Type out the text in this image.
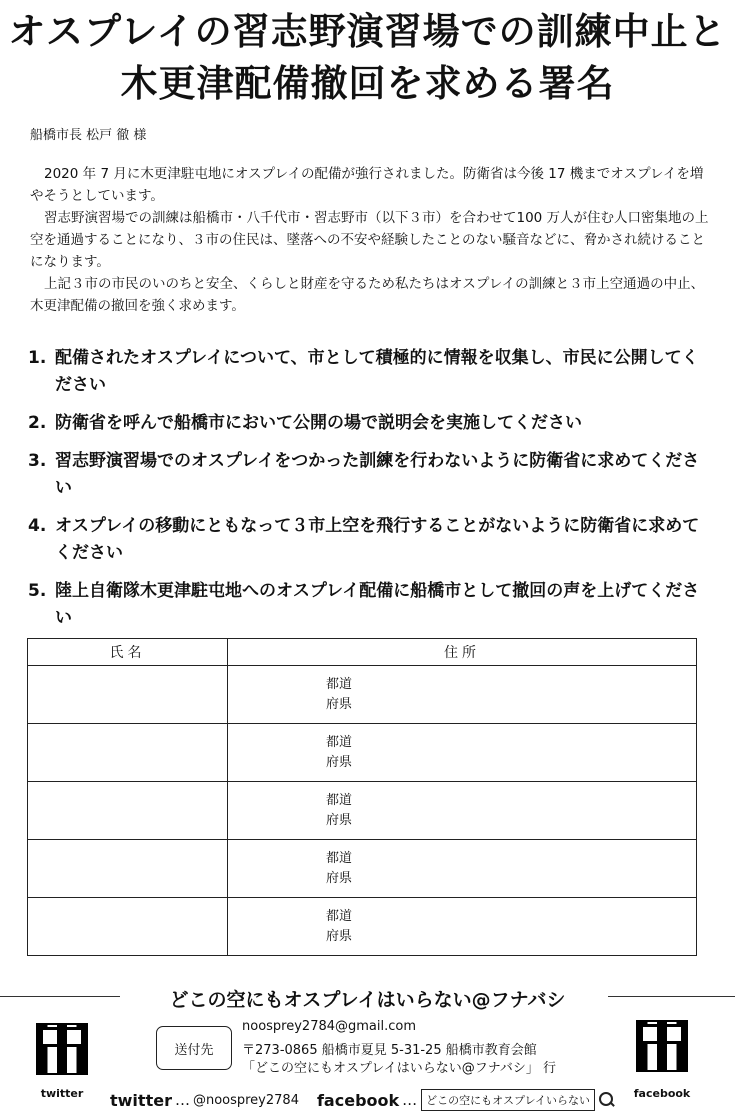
オスプレイの習志野演習場での訓練中止と
木更津配備撤回を求める署名
船橋市長 松戸 徹 様

2020 年 7 月に木更津駐屯地にオスプレイの配備が強行されました。防衛省は今後 17 機までオスプレイを増やそうとしています。

習志野演習場での訓練は船橋市・八千代市・習志野市（以下３市）を合わせて100 万人が住む人口密集地の上空を通過することになり、３市の住民は、墜落への不安や経験したことのない騒音などに、脅かされ続けることになります。

上記３市の市民のいのちと安全、くらしと財産を守るため私たちはオスプレイの訓練と３市上空通過の中止、木更津配備の撤回を強く求めます。

1. 配備されたオスプレイについて、市として積極的に情報を収集し、市民に公開してください
2. 防衛省を呼んで船橋市において公開の場で説明会を実施してください
3. 習志野演習場でのオスプレイをつかった訓練を行わないように防衛省に求めてください
4. オスプレイの移動にともなって３市上空を飛行することがないように防衛省に求めてください
5. 陸上自衛隊木更津駐屯地へのオスプレイ配備に船橋市として撤回の声を上げてください
氏名	住所

	都道
府県

	都道
府県

	都道
府県

	都道
府県

	都道
府県
どこの空にもオスプレイはいらない@フナバシ
twitter	facebook
送付先
noosprey2784@gmail.com
〒273-0865 船橋市夏見 5-31-25 船橋市教育会館
「どこの空にもオスプレイはいらない@フナバシ」 行
twitter … @noosprey2784 facebook … どこの空にもオスプレイいらない
